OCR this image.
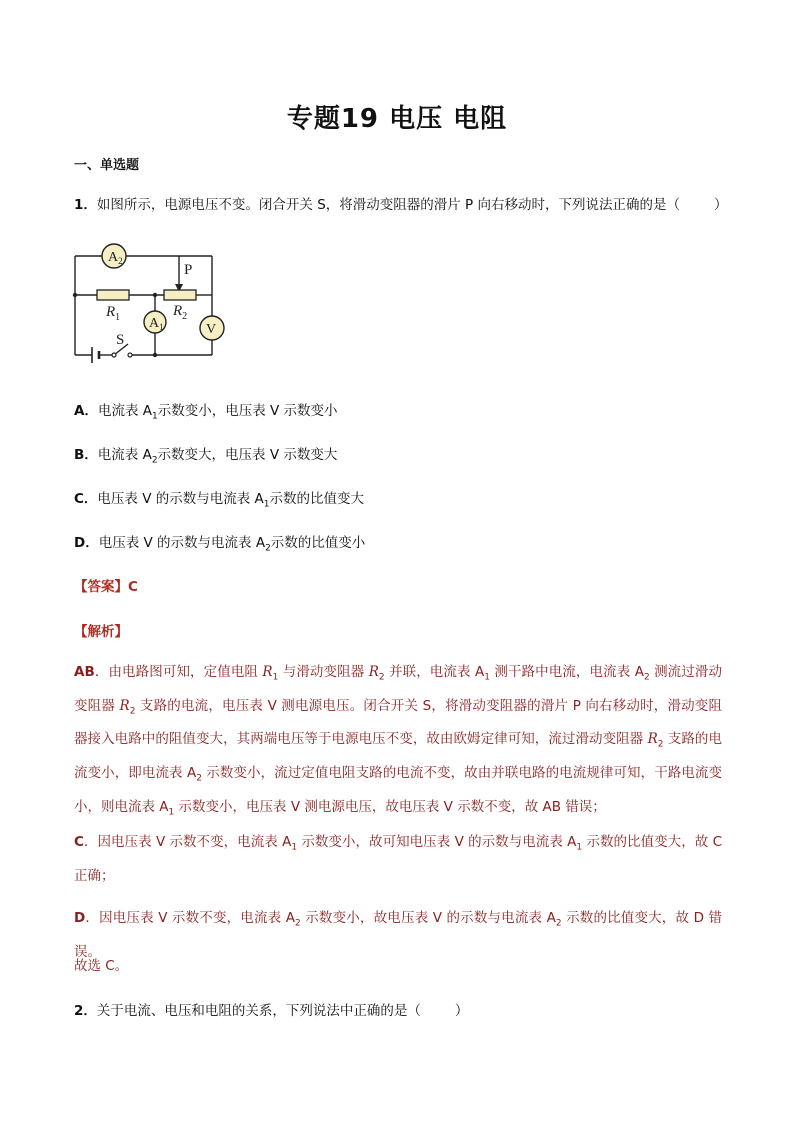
专题19 电压 电阻
一、单选题
1．如图所示，电源电压不变。闭合开关 S，将滑动变阻器的滑片 P 向右移动时，下列说法正确的是（	）
$A_2$
$A_1$	V
$R_1$	$R_2$
P
S
A．电流表 $A_1$示数变小，电压表 V 示数变小
B．电流表 $A_2$示数变大，电压表 V 示数变大
C．电压表 V 的示数与电流表 $A_1$示数的比值变大
D．电压表 V 的示数与电流表 $A_2$示数的比值变小
【答案】C
【解析】
AB．由电路图可知，定值电阻 $R_1$ 与滑动变阻器 $R_2$ 并联，电流表 $A_1$ 测干路中电流，电流表 $A_2$ 测流过滑动变阻器 $R_2$ 支路的电流，电压表 V 测电源电压。闭合开关 S，将滑动变阻器的滑片 P 向右移动时，滑动变阻器接入电路中的阻值变大，其两端电压等于电源电压不变，故由欧姆定律可知，流过滑动变阻器 $R_2$ 支路的电流变小，即电流表 $A_2$ 示数变小，流过定值电阻支路的电流不变，故由并联电路的电流规律可知，干路电流变小，则电流表 $A_1$ 示数变小，电压表 V 测电源电压，故电压表 V 示数不变，故 AB 错误；
C．因电压表 V 示数不变，电流表 $A_1$ 示数变小，故可知电压表 V 的示数与电流表 $A_1$ 示数的比值变大，故 C 正确；
D．因电压表 V 示数不变，电流表 $A_2$ 示数变小，故电压表 V 的示数与电流表 $A_2$ 示数的比值变大，故 D 错误。
故选 C。
2．关于电流、电压和电阻的关系，下列说法中正确的是（	）
